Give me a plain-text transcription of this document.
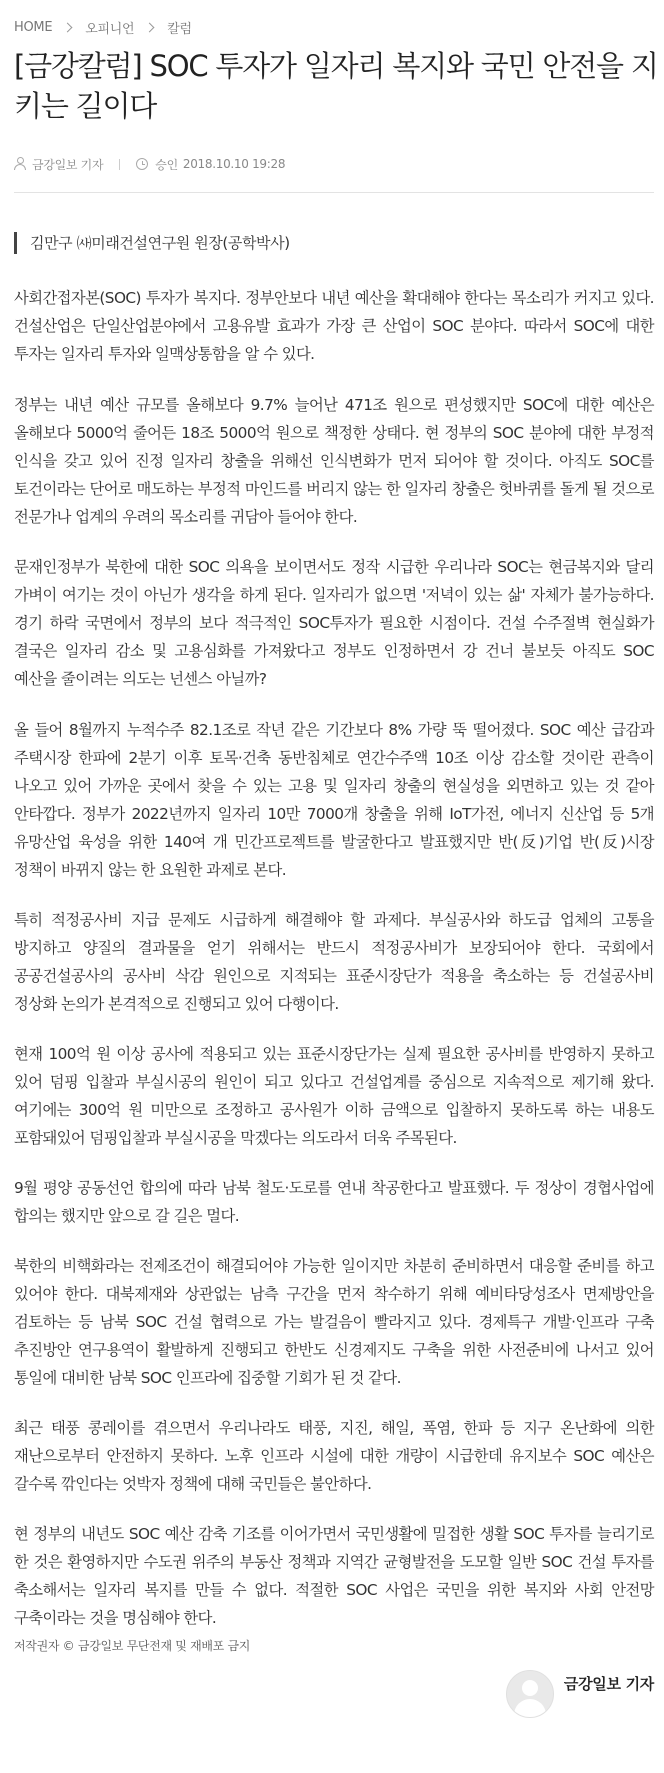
HOME	오피니언	칼럼
[금강칼럼] SOC 투자가 일자리 복지와 국민 안전을 지키는 길이다
금강일보 기자	승인 2018.10.10 19:28
김만구 ㈔미래건설연구원 원장(공학박사)

사회간접자본(SOC) 투자가 복지다. 정부안보다 내년 예산을 확대해야 한다는 목소리가 커지고 있다. 건설산업은 단일산업분야에서 고용유발 효과가 가장 큰 산업이 SOC 분야다. 따라서 SOC에 대한 투자는 일자리 투자와 일맥상통함을 알 수 있다.

정부는 내년 예산 규모를 올해보다 9.7% 늘어난 471조 원으로 편성했지만 SOC에 대한 예산은 올해보다 5000억 줄어든 18조 5000억 원으로 책정한 상태다. 현 정부의 SOC 분야에 대한 부정적 인식을 갖고 있어 진정 일자리 창출을 위해선 인식변화가 먼저 되어야 할 것이다. 아직도 SOC를 토건이라는 단어로 매도하는 부정적 마인드를 버리지 않는 한 일자리 창출은 헛바퀴를 돌게 될 것으로 전문가나 업계의 우려의 목소리를 귀담아 들어야 한다.

문재인정부가 북한에 대한 SOC 의욕을 보이면서도 정작 시급한 우리나라 SOC는 현금복지와 달리 가벼이 여기는 것이 아닌가 생각을 하게 된다. 일자리가 없으면 '저녁이 있는 삶' 자체가 불가능하다. 경기 하락 국면에서 정부의 보다 적극적인 SOC투자가 필요한 시점이다. 건설 수주절벽 현실화가 결국은 일자리 감소 및 고용심화를 가져왔다고 정부도 인정하면서 강 건너 불보듯 아직도 SOC 예산을 줄이려는 의도는 넌센스 아닐까?

올 들어 8월까지 누적수주 82.1조로 작년 같은 기간보다 8% 가량 뚝 떨어졌다. SOC 예산 급감과 주택시장 한파에 2분기 이후 토목·건축 동반침체로 연간수주액 10조 이상 감소할 것이란 관측이 나오고 있어 가까운 곳에서 찾을 수 있는 고용 및 일자리 창출의 현실성을 외면하고 있는 것 같아 안타깝다. 정부가 2022년까지 일자리 10만 7000개 창출을 위해 IoT가전, 에너지 신산업 등 5개 유망산업 육성을 위한 140여 개 민간프로젝트를 발굴한다고 발표했지만 반(反)기업 반(反)시장 정책이 바뀌지 않는 한 요원한 과제로 본다.

특히 적정공사비 지급 문제도 시급하게 해결해야 할 과제다. 부실공사와 하도급 업체의 고통을 방지하고 양질의 결과물을 얻기 위해서는 반드시 적정공사비가 보장되어야 한다. 국회에서 공공건설공사의 공사비 삭감 원인으로 지적되는 표준시장단가 적용을 축소하는 등 건설공사비 정상화 논의가 본격적으로 진행되고 있어 다행이다.

현재 100억 원 이상 공사에 적용되고 있는 표준시장단가는 실제 필요한 공사비를 반영하지 못하고 있어 덤핑 입찰과 부실시공의 원인이 되고 있다고 건설업계를 중심으로 지속적으로 제기해 왔다. 여기에는 300억 원 미만으로 조정하고 공사원가 이하 금액으로 입찰하지 못하도록 하는 내용도 포함돼있어 덤핑입찰과 부실시공을 막겠다는 의도라서 더욱 주목된다.

9월 평양 공동선언 합의에 따라 남북 철도·도로를 연내 착공한다고 발표했다. 두 정상이 경협사업에 합의는 했지만 앞으로 갈 길은 멀다.

북한의 비핵화라는 전제조건이 해결되어야 가능한 일이지만 차분히 준비하면서 대응할 준비를 하고 있어야 한다. 대북제재와 상관없는 남측 구간을 먼저 착수하기 위해 예비타당성조사 면제방안을 검토하는 등 남북 SOC 건설 협력으로 가는 발걸음이 빨라지고 있다. 경제특구 개발·인프라 구축 추진방안 연구용역이 활발하게 진행되고 한반도 신경제지도 구축을 위한 사전준비에 나서고 있어 통일에 대비한 남북 SOC 인프라에 집중할 기회가 된 것 같다.

최근 태풍 콩레이를 겪으면서 우리나라도 태풍, 지진, 해일, 폭염, 한파 등 지구 온난화에 의한 재난으로부터 안전하지 못하다. 노후 인프라 시설에 대한 개량이 시급한데 유지보수 SOC 예산은 갈수록 깎인다는 엇박자 정책에 대해 국민들은 불안하다.

현 정부의 내년도 SOC 예산 감축 기조를 이어가면서 국민생활에 밀접한 생활 SOC 투자를 늘리기로 한 것은 환영하지만 수도권 위주의 부동산 정책과 지역간 균형발전을 도모할 일반 SOC 건설 투자를 축소해서는 일자리 복지를 만들 수 없다. 적절한 SOC 사업은 국민을 위한 복지와 사회 안전망 구축이라는 것을 명심해야 한다.

저작권자 © 금강일보 무단전재 및 재배포 금지
금강일보 기자
